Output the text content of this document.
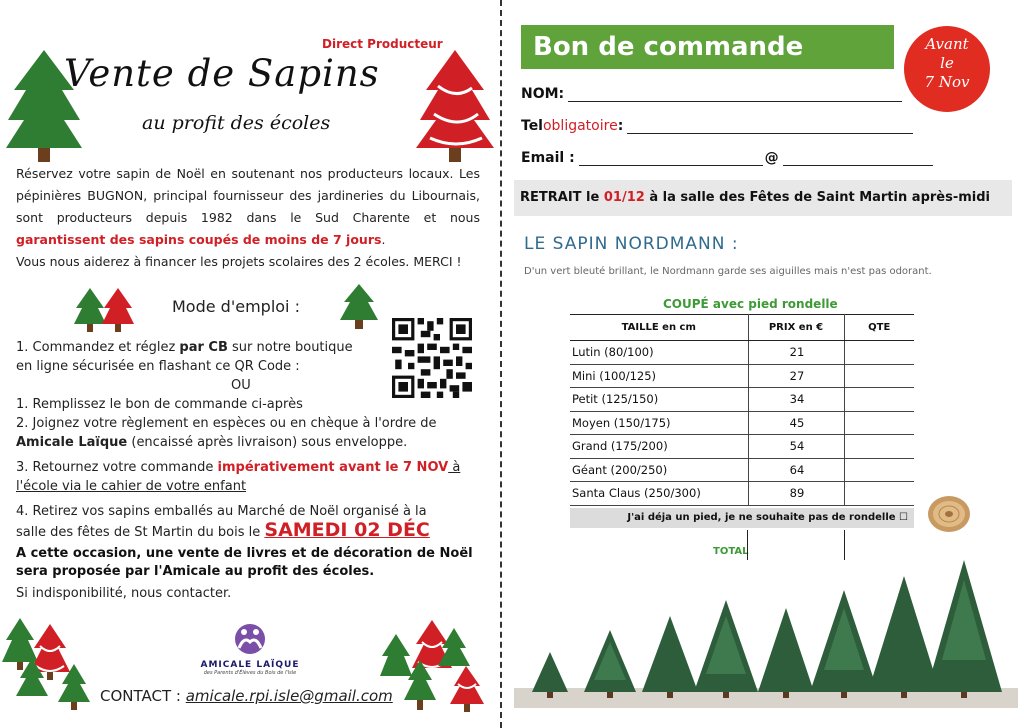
Direct Producteur
Vente de Sapins
au profit des écoles
Réservez votre sapin de Noël en soutenant nos producteurs locaux. Les pépinières BUGNON, principal fournisseur des jardineries du Libournais, sont producteurs depuis 1982 dans le Sud Charente et nous garantissent des sapins coupés de moins de 7 jours.
Vous nous aiderez à financer les projets scolaires des 2 écoles. MERCI !
Mode d'emploi :
1. Commandez et réglez par CB sur notre boutique
en ligne sécurisée en flashant ce QR Code :
OU
1. Remplissez le bon de commande ci-après
2. Joignez votre règlement en espèces ou en chèque à l'ordre de
Amicale Laïque (encaissé après livraison) sous enveloppe.
3. Retournez votre commande impérativement avant le 7 NOV à
l'école via le cahier de votre enfant
4. Retirez vos sapins emballés au Marché de Noël organisé à la
salle des fêtes de St Martin du bois le SAMEDI 02 DÉC
A cette occasion, une vente de livres et de décoration de Noël sera proposée par l'Amicale au profit des écoles.
Si indisponibilité, nous contacter.
AMICALE LAÏQUE
des Parents d'Élèves du Bois de l'Isle
CONTACT : amicale.rpi.isle@gmail.com
Bon de commande	Avant
le
7 Nov
NOM:
Tel obligatoire :
Email :	@
RETRAIT le 01/12 à la salle des Fêtes de Saint Martin après-midi
LE SAPIN NORDMANN :
D'un vert bleuté brillant, le Nordmann garde ses aiguilles mais n'est pas odorant.
COUPÉ avec pied rondelle
TAILLE en cm	PRIX en €	QTE
Lutin (80/100)	21	
Mini (100/125)	27	
Petit (125/150)	34	
Moyen (150/175)	45	
Grand (175/200)	54	
Géant (200/250)	64	
Santa Claus (250/300)	89	
J'ai déja un pied, je ne souhaite pas de rondelle ☐
TOTAL
